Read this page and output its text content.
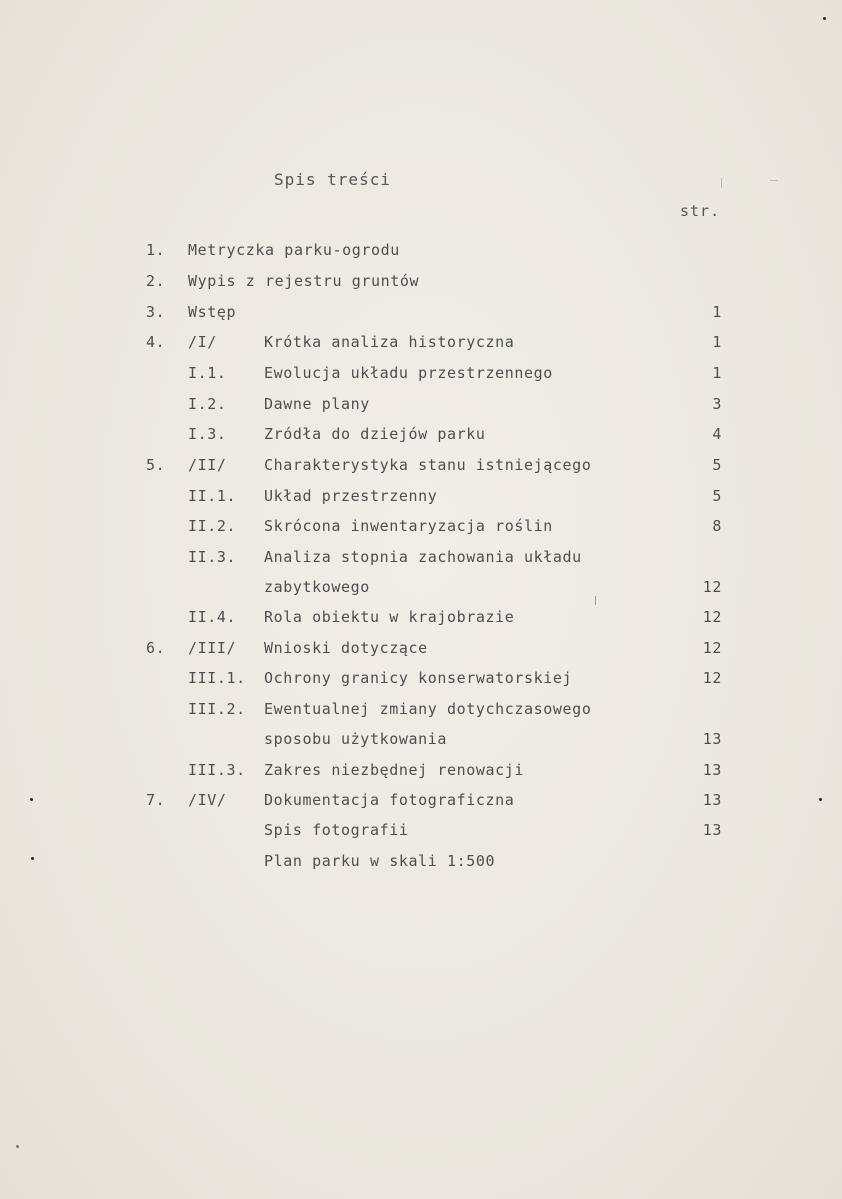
Spis treści
str.
1. Metryczka parku-ogrodu
2. Wypis z rejestru gruntów
3. Wstęp	1
4. /I/	Krótka analiza historyczna	1
I.1. Ewolucja układu przestrzennego	1
I.2. Dawne plany	3
I.3. Zródła do dziejów parku	4
5. /II/ Charakterystyka stanu istniejącego	5
II.1. Układ przestrzenny	5
II.2. Skrócona inwentaryzacja roślin	8
II.3. Analiza stopnia zachowania układu
zabytkowego	12
II.4. Rola obiektu w krajobrazie	12
6. /III/ Wnioski dotyczące	12
III.1. Ochrony granicy konserwatorskiej	12
III.2. Ewentualnej zmiany dotychczasowego
sposobu użytkowania	13
III.3. Zakres niezbędnej renowacji	13
7. /IV/ Dokumentacja fotograficzna	13
Spis fotografii	13
Plan parku w skali 1:500
